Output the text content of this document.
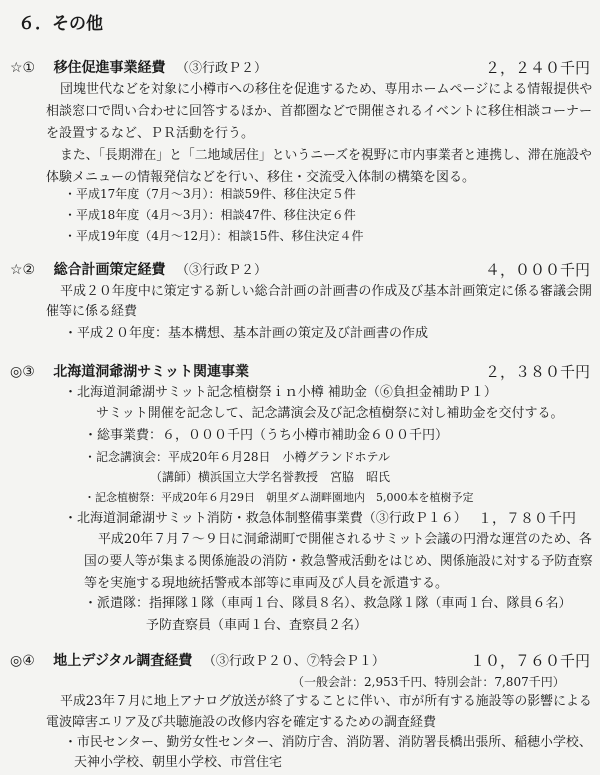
６．その他
☆① 移住促進事業経費 （③行政Ｐ２）	２，２４０千円
団塊世代などを対象に小樽市への移住を促進するため、専用ホームページによる情報提供や
相談窓口で問い合わせに回答するほか、首都圏などで開催されるイベントに移住相談コーナー
を設置するなど、ＰＲ活動を行う。
また、「長期滞在」と「二地域居住」というニーズを視野に市内事業者と連携し、滞在施設や
体験メニューの情報発信などを行い、移住・交流受入体制の構築を図る。
・平成17年度（7月～3月）：相談59件、移住決定５件
・平成18年度（4月～3月）：相談47件、移住決定６件
・平成19年度（4月～12月）：相談15件、移住決定４件
☆② 総合計画策定経費 （③行政Ｐ２）	４，０００千円
平成２０年度中に策定する新しい総合計画の計画書の作成及び基本計画策定に係る審議会開
催等に係る経費
・平成２０年度：基本構想、基本計画の策定及び計画書の作成
◎③ 北海道洞爺湖サミット関連事業	２，３８０千円
・北海道洞爺湖サミット記念植樹祭ｉｎ小樽 補助金（⑥負担金補助Ｐ１）
サミット開催を記念して、記念講演会及び記念植樹祭に対し補助金を交付する。
・総事業費：６，０００千円（うち小樽市補助金６００千円）
・記念講演会：平成20年６月28日　小樽グランドホテル
（講師）横浜国立大学名誉教授　宮脇　昭氏
・記念植樹祭：平成20年６月29日　朝里ダム湖畔園地内　5,000本を植樹予定
・北海道洞爺湖サミット消防・救急体制整備事業費（③行政Ｐ１６） １，７８０千円
平成20年７月７～９日に洞爺湖町で開催されるサミット会議の円滑な運営のため、各
国の要人等が集まる関係施設の消防・救急警戒活動をはじめ、関係施設に対する予防査察
等を実施する現地統括警戒本部等に車両及び人員を派遣する。
・派遣隊：指揮隊１隊（車両１台、隊員８名）、救急隊１隊（車両１台、隊員６名）
予防査察員（車両１台、査察員２名）
◎④ 地上デジタル調査経費 （③行政Ｐ２０、⑦特会Ｐ１）	１０，７６０千円
（一般会計：2,953千円、特別会計：7,807千円）
平成23年７月に地上アナログ放送が終了することに伴い、市が所有する施設等の影響による
電波障害エリア及び共聴施設の改修内容を確定するための調査経費
・市民センター、勤労女性センター、消防庁舎、消防署、消防署長橋出張所、稲穂小学校、
天神小学校、朝里小学校、市営住宅
